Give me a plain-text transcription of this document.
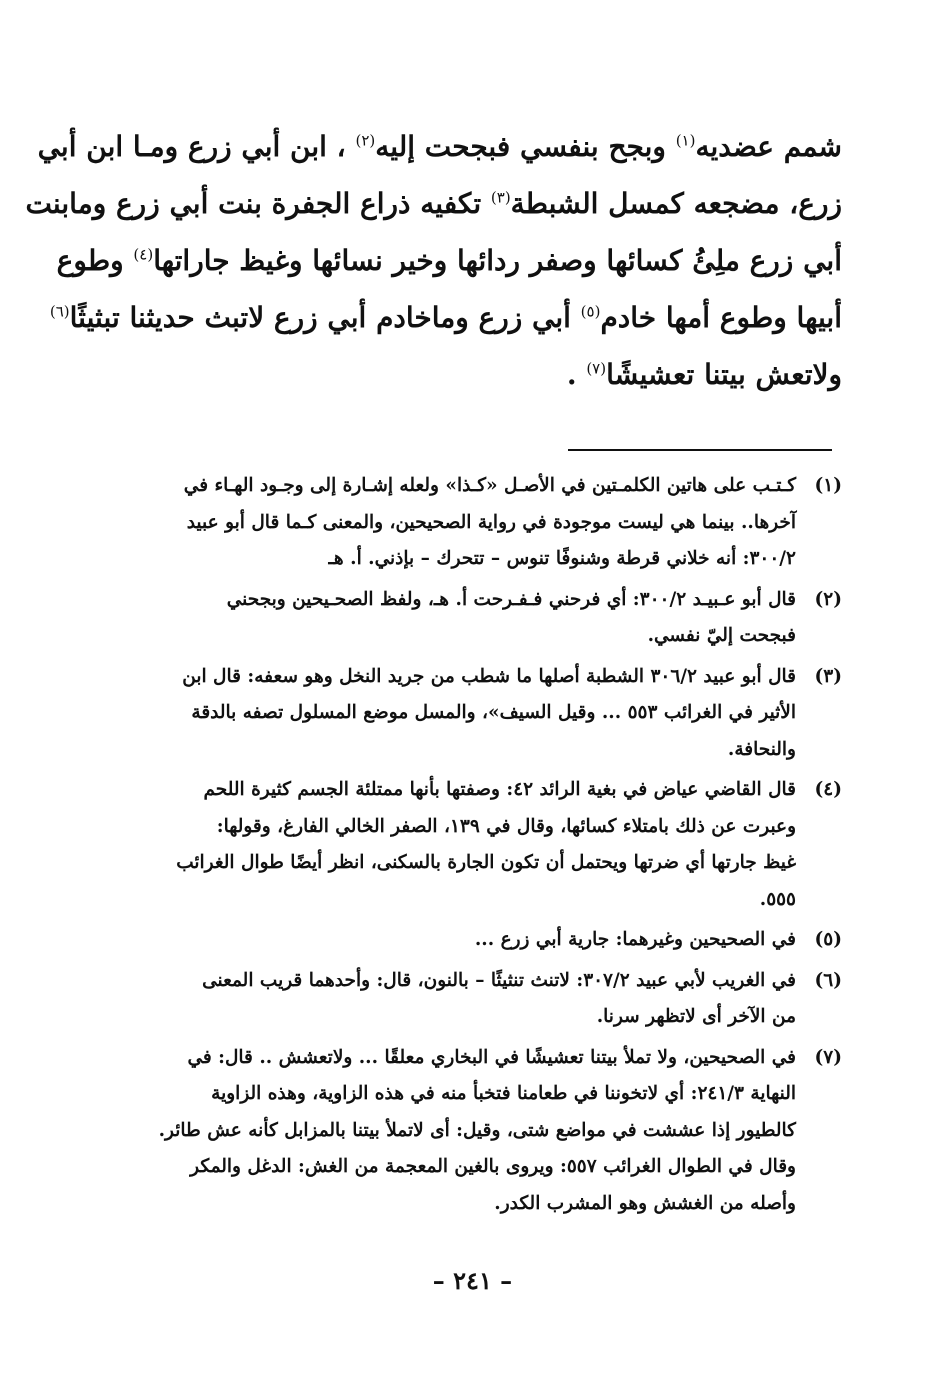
شمم عضديه$^{(١)}$ وبجح بنفسي فبجحت إليه$^{(٢)}$ ، ابن أبي زرع ومـا ابن أبي
زرع، مضجعه كمسل الشبطة$^{(٣)}$ تكفيه ذراع الجفرة بنت أبي زرع ومابنت
أبي زرع ملِئُ كسائها وصفر ردائها وخير نسائها وغيظ جاراتها$^{(٤)}$ وطوع
أبيها وطوع أمها خادم$^{(٥)}$ أبي زرع وماخادم أبي زرع لاتبث حديثنا تبثيثًا$^{(٦)}$
ولاتعش بيتنا تعشيشًا$^{(٧)}$ .
(١)
كـتـب على هاتين الكلمـتين في الأصـل «كـذا» ولعله إشـارة إلى وجـود الهـاء في
آخرها.. بينما هي ليست موجودة في رواية الصحيحين، والمعنى كـما قال أبو عبيد
٣٠٠/٢: أنه خلاني قرطة وشنوفًا تنوس – تتحرك – بإذني. أ. هـ
(٢)
قال أبو عـبيـد ٣٠٠/٢: أي فرحني فـفـرحت أ. هـ، ولفظ الصحـيحين وبجحني
فبجحت إليّ نفسي.
(٣)
قال أبو عبيد ٣٠٦/٢ الشطبة أصلها ما شطب من جريد النخل وهو سعفه: قال ابن
الأثير في الغرائب ٥٥٣ ... وقيل السيف»، والمسل موضع المسلول تصفه بالدقة
والنحافة.
(٤)
قال القاضي عياض في بغية الرائد ٤٢: وصفتها بأنها ممتلئة الجسم كثيرة اللحم
وعبرت عن ذلك بامتلاء كسائها، وقال في ١٣٩، الصفر الخالي الفارغ، وقولها:
غيظ جارتها أي ضرتها ويحتمل أن تكون الجارة بالسكنى، انظر أيضًا طوال الغرائب
٥٥٥.
(٥)
في الصحيحين وغيرهما: جارية أبي زرع ...
(٦)
في الغريب لأبي عبيد ٣٠٧/٢: لاتنث تنثيثًا – بالنون، قال: وأحدهما قريب المعنى
من الآخر أى لاتظهر سرنا.
(٧)
في الصحيحين، ولا تملأ بيتنا تعشيشًا في البخاري معلقًا ... ولاتعشش .. قال: في
النهاية ٢٤١/٣: أي لاتخوننا في طعامنا فتخبأ منه في هذه الزاوية، وهذه الزاوية
كالطيور إذا عششت في مواضع شتى، وقيل: أى لاتملأ بيتنا بالمزابل كأنه عش طائر.
وقال في الطوال الغرائب ٥٥٧: ويروى بالغين المعجمة من الغش: الدغل والمكر
وأصله من الغشش وهو المشرب الكدر.
– ٢٤١ –
